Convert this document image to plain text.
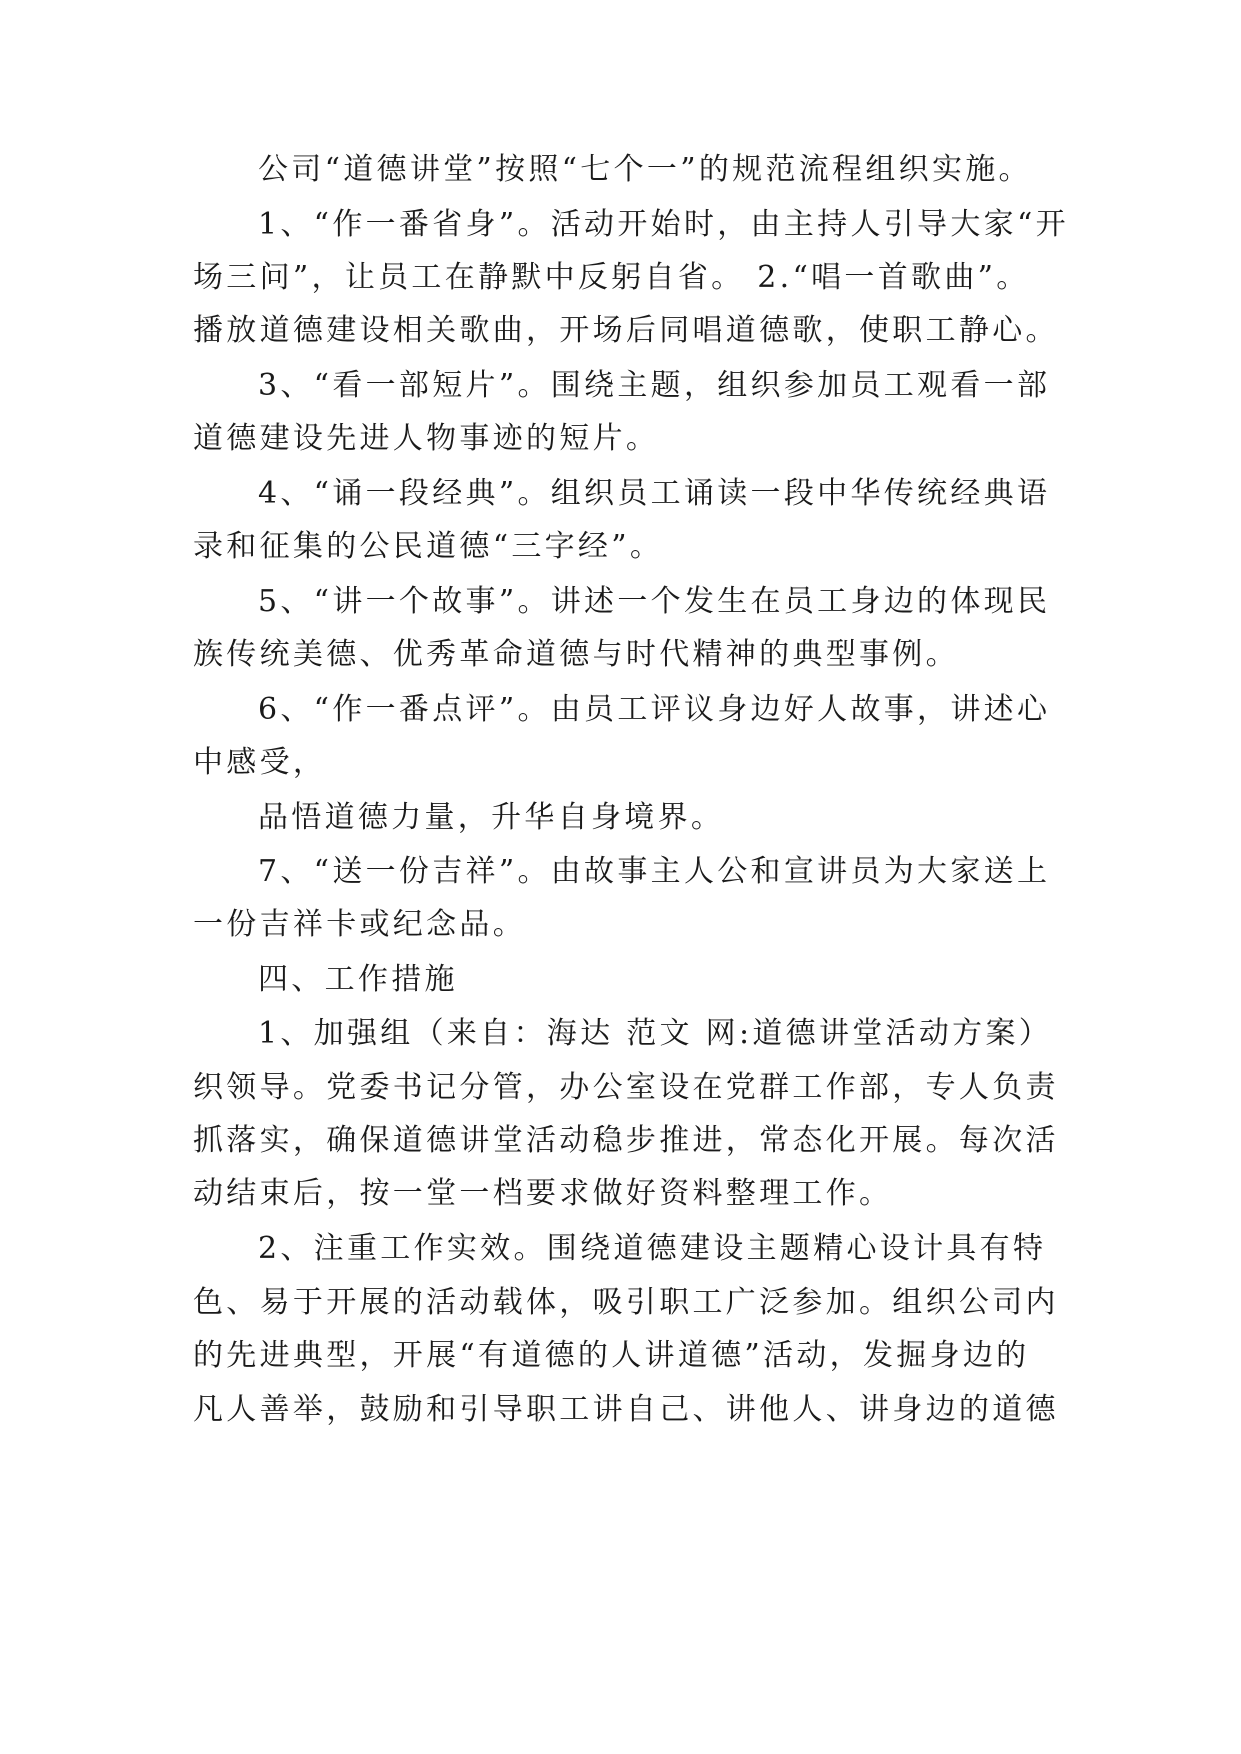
公司“道德讲堂”按照“七个一”的规范流程组织实施。
1、“作一番省身”。活动开始时，由主持人引导大家“开
场三问”，让员工在静默中反躬自省。 2.“唱一首歌曲”。
播放道德建设相关歌曲，开场后同唱道德歌，使职工静心。
3、“看一部短片”。围绕主题，组织参加员工观看一部
道德建设先进人物事迹的短片。
4、“诵一段经典”。组织员工诵读一段中华传统经典语
录和征集的公民道德“三字经”。
5、“讲一个故事”。讲述一个发生在员工身边的体现民
族传统美德、优秀革命道德与时代精神的典型事例。
6、“作一番点评”。由员工评议身边好人故事，讲述心
中感受，
品悟道德力量，升华自身境界。
7、“送一份吉祥”。由故事主人公和宣讲员为大家送上
一份吉祥卡或纪念品。
四、工作措施
1、加强组（来自：海达 范文 网:道德讲堂活动方案）
织领导。党委书记分管，办公室设在党群工作部，专人负责
抓落实，确保道德讲堂活动稳步推进，常态化开展。每次活
动结束后，按一堂一档要求做好资料整理工作。
2、注重工作实效。围绕道德建设主题精心设计具有特
色、易于开展的活动载体，吸引职工广泛参加。组织公司内
的先进典型，开展“有道德的人讲道德”活动，发掘身边的
凡人善举，鼓励和引导职工讲自己、讲他人、讲身边的道德
